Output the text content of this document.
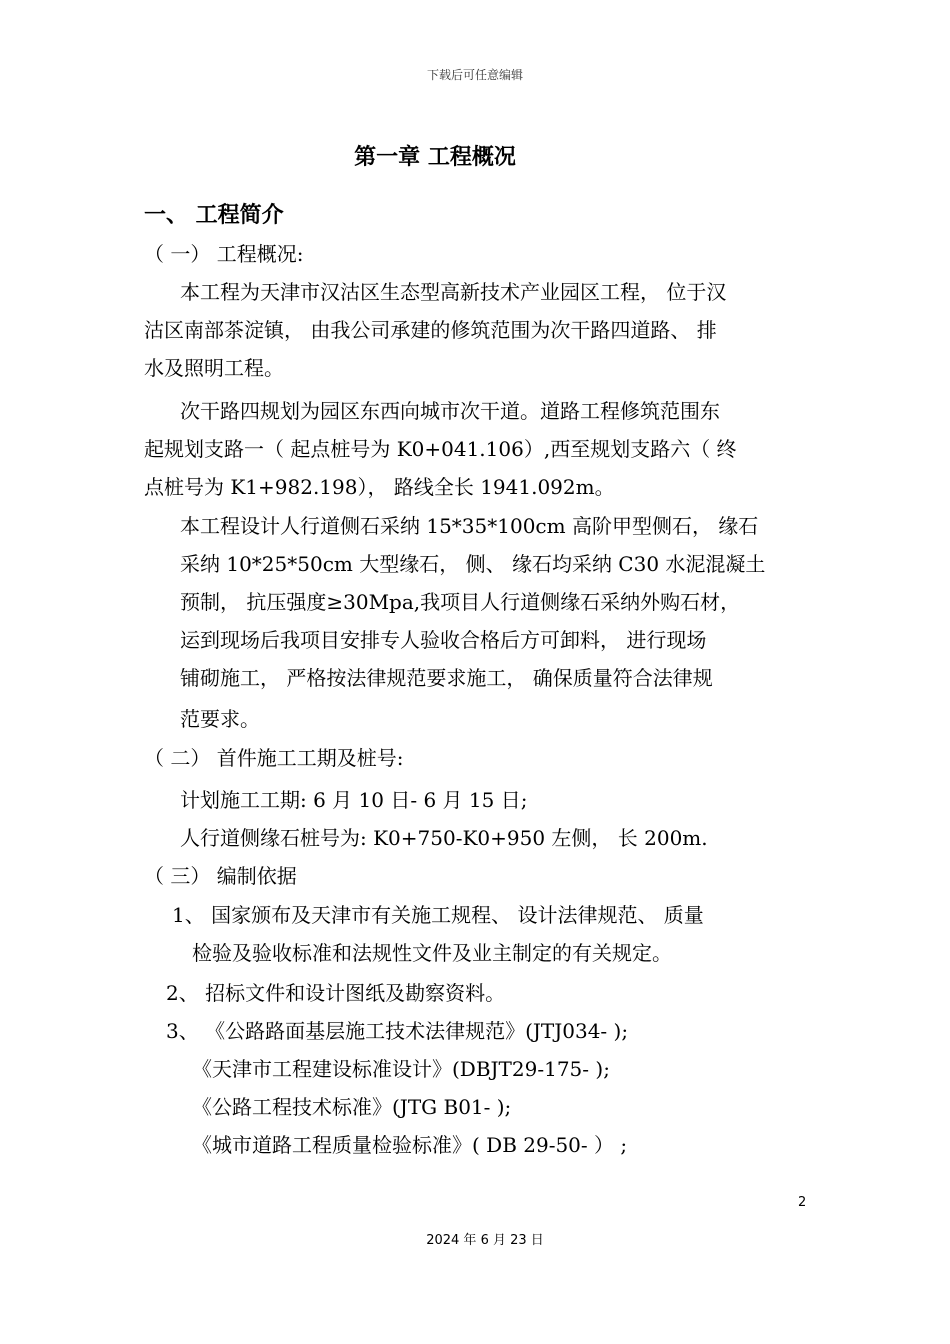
下载后可任意编辑
第一章 工程概况
一、 工程简介
（ 一） 工程概况:
本工程为天津市汉沽区生态型高新技术产业园区工程， 位于汉
沽区南部茶淀镇， 由我公司承建的修筑范围为次干路四道路、 排
水及照明工程。
次干路四规划为园区东西向城市次干道。道路工程修筑范围东
起规划支路一（ 起点桩号为 K0+041.106）,西至规划支路六（ 终
点桩号为 K1+982.198）， 路线全长 1941.092m。
本工程设计人行道侧石采纳 15*35*100cm 高阶甲型侧石， 缘石
采纳 10*25*50cm 大型缘石， 侧、 缘石均采纳 C30 水泥混凝土
预制， 抗压强度≥30Mpa,我项目人行道侧缘石采纳外购石材，
运到现场后我项目安排专人验收合格后方可卸料， 进行现场
铺砌施工， 严格按法律规范要求施工， 确保质量符合法律规
范要求。
（ 二） 首件施工工期及桩号:
计划施工工期: 6 月 10 日- 6 月 15 日;
人行道侧缘石桩号为: K0+750-K0+950 左侧， 长 200m.
（ 三） 编制依据
1、 国家颁布及天津市有关施工规程、 设计法律规范、 质量
检验及验收标准和法规性文件及业主制定的有关规定。
2、 招标文件和设计图纸及勘察资料。
3、 《公路路面基层施工技术法律规范》(JTJ034- );
《天津市工程建设标准设计》(DBJT29-175- );
《公路工程技术标准》(JTG B01- );
《城市道路工程质量检验标准》( DB 29-50- ） ;
2
2024 年 6 月 23 日
